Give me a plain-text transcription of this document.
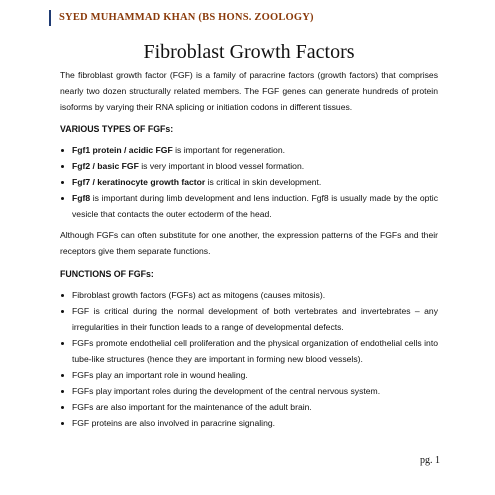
SYED MUHAMMAD KHAN (BS HONS. ZOOLOGY)
Fibroblast Growth Factors

The fibroblast growth factor (FGF) is a family of paracrine factors (growth factors) that comprises nearly two dozen structurally related members. The FGF genes can generate hundreds of protein isoforms by varying their RNA splicing or initiation codons in different tissues.

VARIOUS TYPES OF FGFs:
Fgf1 protein / acidic FGF is important for regeneration.
Fgf2 / basic FGF is very important in blood vessel formation.
Fgf7 / keratinocyte growth factor is critical in skin development.
Fgf8 is important during limb development and lens induction. Fgf8 is usually made by the optic vesicle that contacts the outer ectoderm of the head.

Although FGFs can often substitute for one another, the expression patterns of the FGFs and their receptors give them separate functions.

FUNCTIONS OF FGFs:
Fibroblast growth factors (FGFs) act as mitogens (causes mitosis).
FGF is critical during the normal development of both vertebrates and invertebrates – any irregularities in their function leads to a range of developmental defects.
FGFs promote endothelial cell proliferation and the physical organization of endothelial cells into tube-like structures (hence they are important in forming new blood vessels).
FGFs play an important role in wound healing.
FGFs play important roles during the development of the central nervous system.
FGFs are also important for the maintenance of the adult brain.
FGF proteins are also involved in paracrine signaling.
pg. 1
